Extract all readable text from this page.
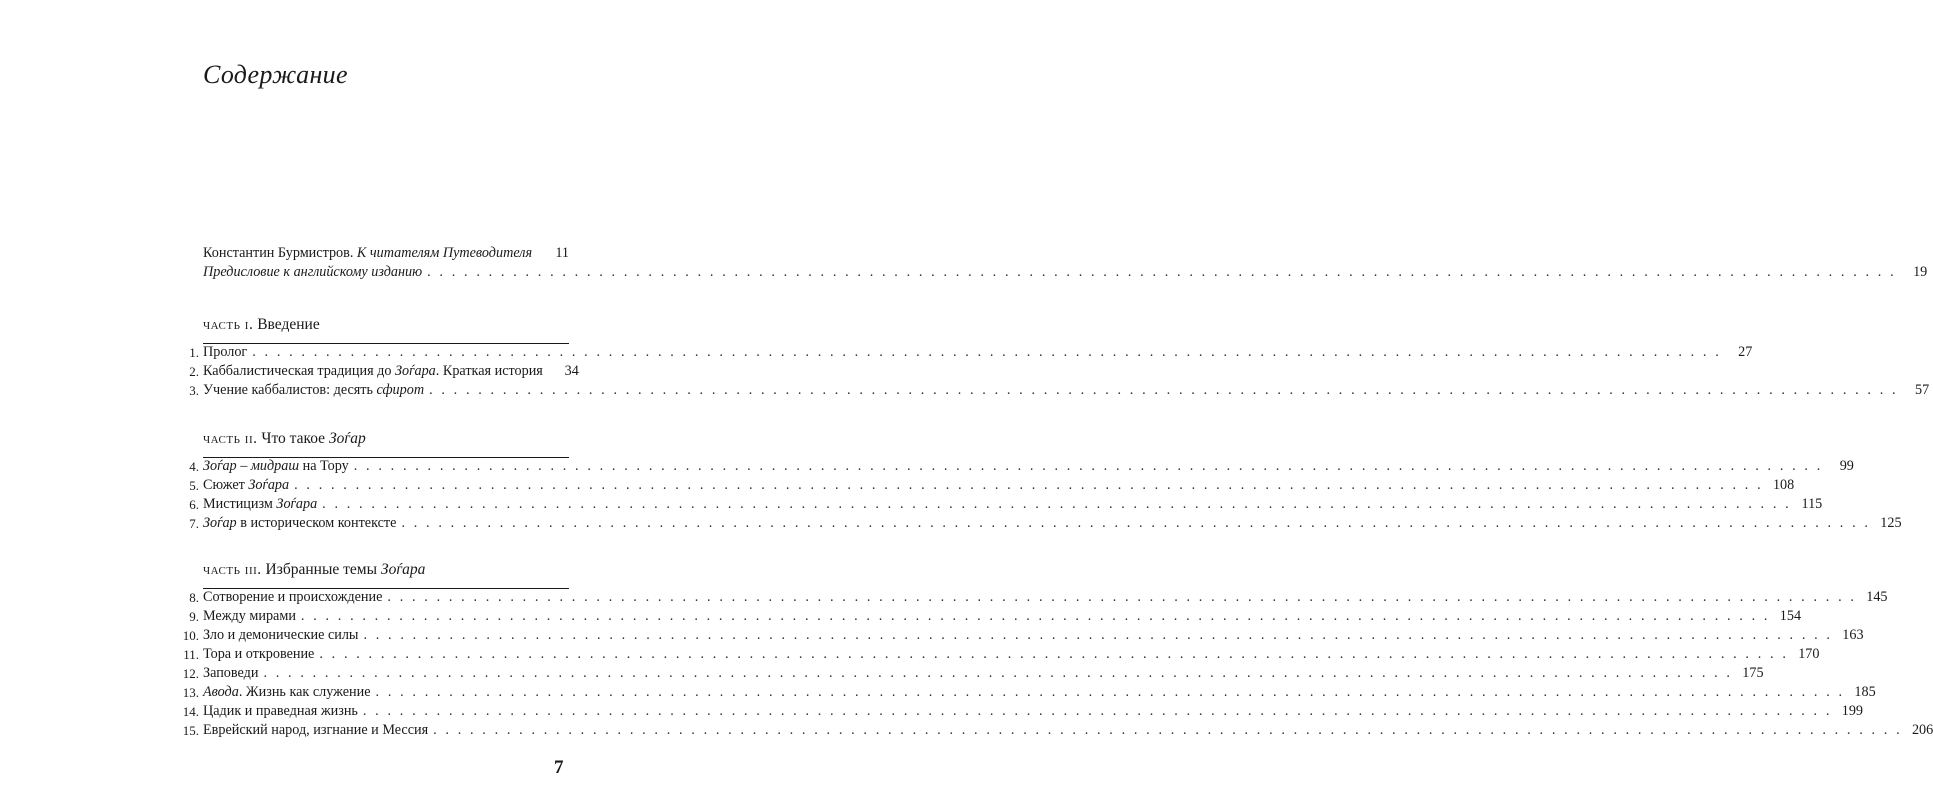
Содержание
Константин Бурмистров. К читателям Путеводителя	11
Предисловие к английскому изданию . . . . . . . . . . . . . . . . . . . . . . . . . . . . . . . . . . . . . . . . . . . . . . . . . . . . . . . . . . . . . . . . . . . . . . . . . . . . . . . . . . . . . . . . . . . . . . . . . . . . . . . . . . . . . . . . . . . . . . . .	19
часть i. Введение
1. Пролог . . . . . . . . . . . . . . . . . . . . . . . . . . . . . . . . . . . . . . . . . . . . . . . . . . . . . . . . . . . . . . . . . . . . . . . . . . . . . . . . . . . . . . . . . . . . . . . . . . . . . . . . . . . . . . . . . . . . . . . .	27
2. Каббалистическая традиция до Зоѓара. Краткая история	34
3. Учение каббалистов: десять сфирот . . . . . . . . . . . . . . . . . . . . . . . . . . . . . . . . . . . . . . . . . . . . . . . . . . . . . . . . . . . . . . . . . . . . . . . . . . . . . . . . . . . . . . . . . . . . . . . . . . . . . . . . . . . . . . . . . . . . . . . .	57
часть ii. Что такое Зоѓар
4. Зоѓар – мидраш на Тору . . . . . . . . . . . . . . . . . . . . . . . . . . . . . . . . . . . . . . . . . . . . . . . . . . . . . . . . . . . . . . . . . . . . . . . . . . . . . . . . . . . . . . . . . . . . . . . . . . . . . . . . . . . . . . . . . . . . . . . .	99
5. Сюжет Зоѓара . . . . . . . . . . . . . . . . . . . . . . . . . . . . . . . . . . . . . . . . . . . . . . . . . . . . . . . . . . . . . . . . . . . . . . . . . . . . . . . . . . . . . . . . . . . . . . . . . . . . . . . . . . . . . . . . . . . . . . . . 108
6. Мистицизм Зоѓара . . . . . . . . . . . . . . . . . . . . . . . . . . . . . . . . . . . . . . . . . . . . . . . . . . . . . . . . . . . . . . . . . . . . . . . . . . . . . . . . . . . . . . . . . . . . . . . . . . . . . . . . . . . . . . . . . . . . . . . . 115
7. Зоѓар в историческом контексте . . . . . . . . . . . . . . . . . . . . . . . . . . . . . . . . . . . . . . . . . . . . . . . . . . . . . . . . . . . . . . . . . . . . . . . . . . . . . . . . . . . . . . . . . . . . . . . . . . . . . . . . . . . . . . . . . . . . . . . . 125
часть iii. Избранные темы Зоѓара
8. Сотворение и происхождение . . . . . . . . . . . . . . . . . . . . . . . . . . . . . . . . . . . . . . . . . . . . . . . . . . . . . . . . . . . . . . . . . . . . . . . . . . . . . . . . . . . . . . . . . . . . . . . . . . . . . . . . . . . . . . . . . . . . . . . . 145
9. Между мирами . . . . . . . . . . . . . . . . . . . . . . . . . . . . . . . . . . . . . . . . . . . . . . . . . . . . . . . . . . . . . . . . . . . . . . . . . . . . . . . . . . . . . . . . . . . . . . . . . . . . . . . . . . . . . . . . . . . . . . . . 154
10. Зло и демонические силы . . . . . . . . . . . . . . . . . . . . . . . . . . . . . . . . . . . . . . . . . . . . . . . . . . . . . . . . . . . . . . . . . . . . . . . . . . . . . . . . . . . . . . . . . . . . . . . . . . . . . . . . . . . . . . . . . . . . . . . . 163
11. Тора и откровение . . . . . . . . . . . . . . . . . . . . . . . . . . . . . . . . . . . . . . . . . . . . . . . . . . . . . . . . . . . . . . . . . . . . . . . . . . . . . . . . . . . . . . . . . . . . . . . . . . . . . . . . . . . . . . . . . . . . . . . . 170
12. Заповеди . . . . . . . . . . . . . . . . . . . . . . . . . . . . . . . . . . . . . . . . . . . . . . . . . . . . . . . . . . . . . . . . . . . . . . . . . . . . . . . . . . . . . . . . . . . . . . . . . . . . . . . . . . . . . . . . . . . . . . . . 175
13. Авода. Жизнь как служение . . . . . . . . . . . . . . . . . . . . . . . . . . . . . . . . . . . . . . . . . . . . . . . . . . . . . . . . . . . . . . . . . . . . . . . . . . . . . . . . . . . . . . . . . . . . . . . . . . . . . . . . . . . . . . . . . . . . . . . . 185
14. Цадик и праведная жизнь . . . . . . . . . . . . . . . . . . . . . . . . . . . . . . . . . . . . . . . . . . . . . . . . . . . . . . . . . . . . . . . . . . . . . . . . . . . . . . . . . . . . . . . . . . . . . . . . . . . . . . . . . . . . . . . . . . . . . . . . 199
15. Еврейский народ, изгнание и Мессия . . . . . . . . . . . . . . . . . . . . . . . . . . . . . . . . . . . . . . . . . . . . . . . . . . . . . . . . . . . . . . . . . . . . . . . . . . . . . . . . . . . . . . . . . . . . . . . . . . . . . . . . . . . . . . . . . . . . . . . . 206
7
